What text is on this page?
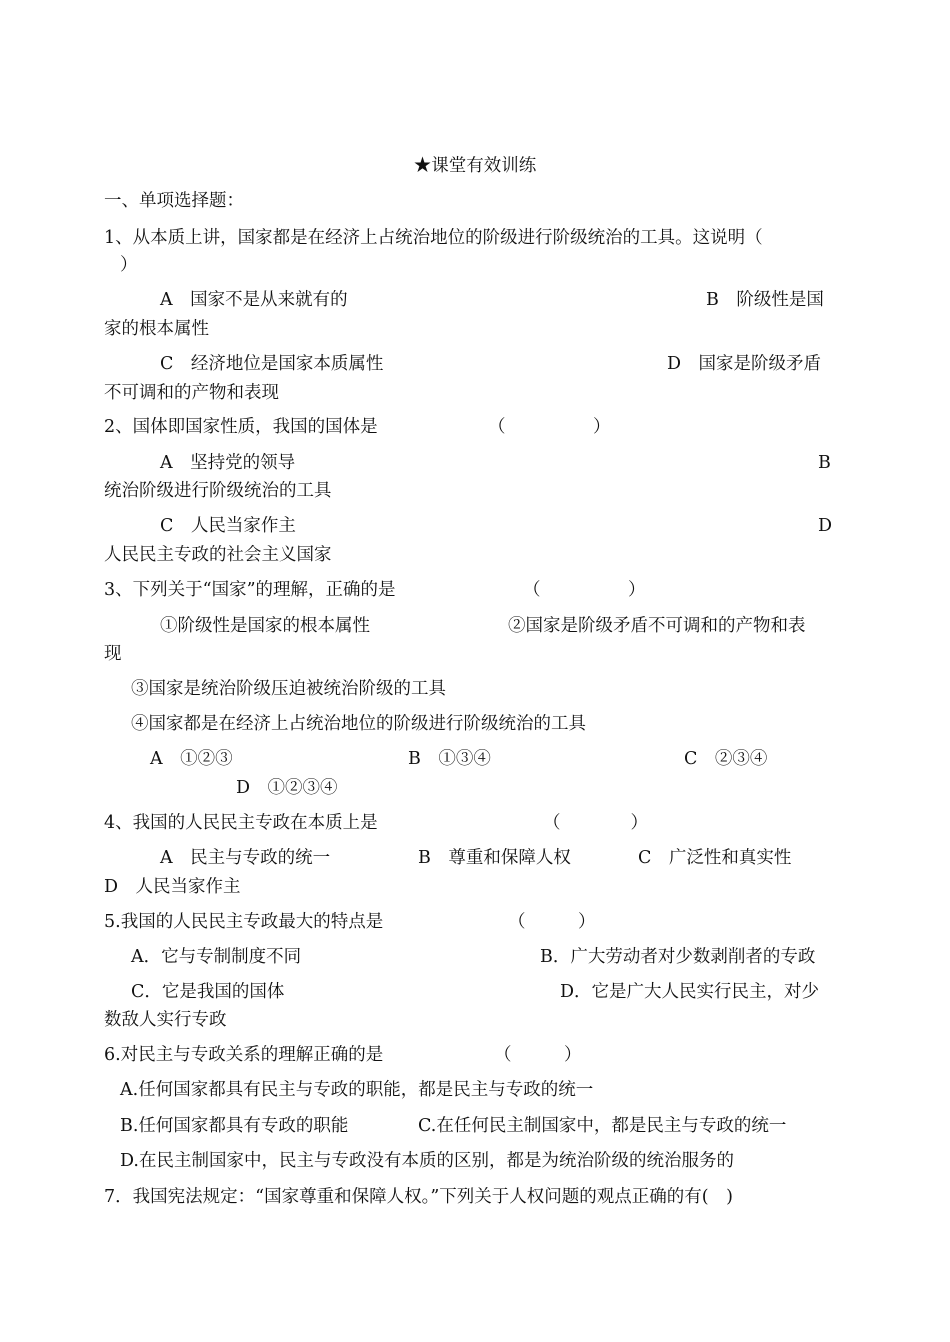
★课堂有效训练
一、单项选择题：
1、从本质上讲，国家都是在经济上占统治地位的阶级进行阶级统治的工具。这说明（
）
A　国家不是从来就有的	B　阶级性是国
家的根本属性
C　经济地位是国家本质属性	D　国家是阶级矛盾
不可调和的产物和表现
2、国体即国家性质，我国的国体是	（　　　　　）
A　坚持党的领导	B
统治阶级进行阶级统治的工具
C　人民当家作主	D
人民民主专政的社会主义国家
3、下列关于“国家”的理解，正确的是	（　　　　　）
①阶级性是国家的根本属性	②国家是阶级矛盾不可调和的产物和表
现
③国家是统治阶级压迫被统治阶级的工具
④国家都是在经济上占统治地位的阶级进行阶级统治的工具
A　①②③	B　①③④	C　②③④
D　①②③④
4、我国的人民民主专政在本质上是	（　　　　）
A　民主与专政的统一	B　尊重和保障人权	C　广泛性和真实性
D　人民当家作主
5.我国的人民民主专政最大的特点是	（　　　）
A．它与专制制度不同	B．广大劳动者对少数剥削者的专政
C．它是我国的国体	D．它是广大人民实行民主，对少
数敌人实行专政
6.对民主与专政关系的理解正确的是	（　　　）
A.任何国家都具有民主与专政的职能，都是民主与专政的统一
B.任何国家都具有专政的职能	C.在任何民主制国家中，都是民主与专政的统一
D.在民主制国家中，民主与专政没有本质的区别，都是为统治阶级的统治服务的
7．我国宪法规定：“国家尊重和保障人权。”下列关于人权问题的观点正确的有(　)
